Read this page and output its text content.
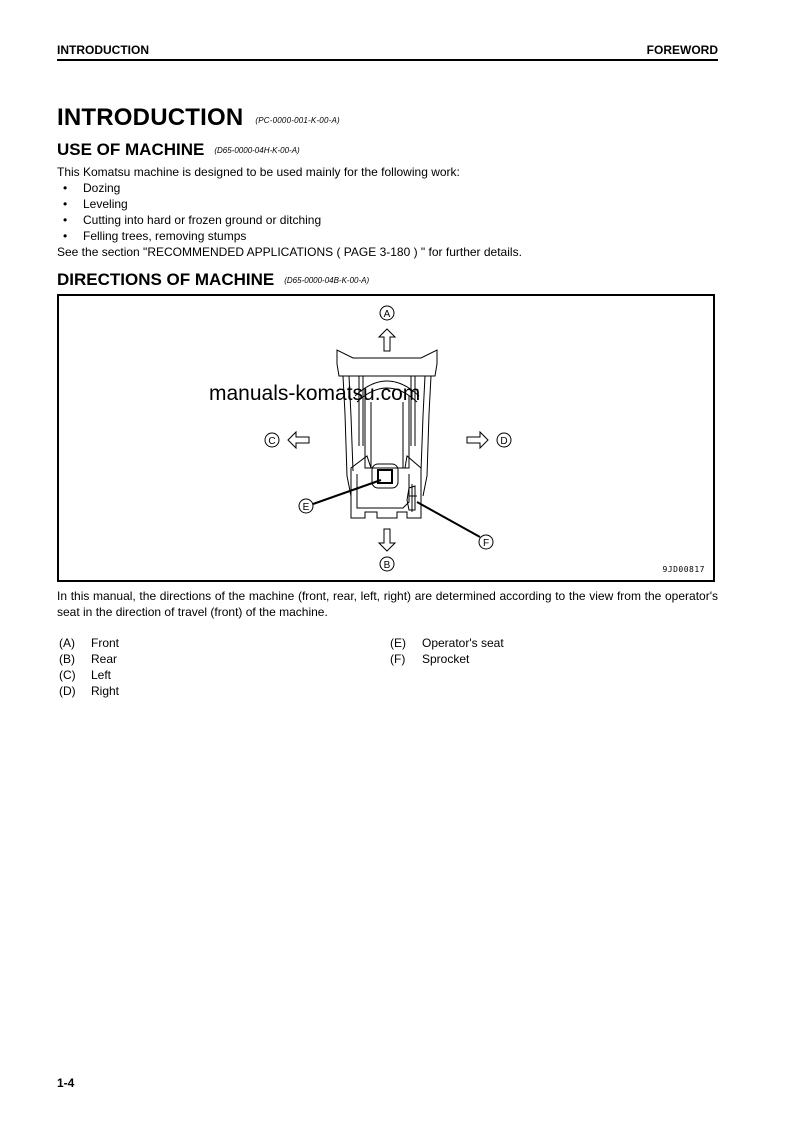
INTRODUCTION	FOREWORD
INTRODUCTION (PC-0000-001-K-00-A)
USE OF MACHINE (D65-0000-04H-K-00-A)
This Komatsu machine is designed to be used mainly for the following work:
• Dozing
• Leveling
• Cutting into hard or frozen ground or ditching
• Felling trees, removing stumps
See the section "RECOMMENDED APPLICATIONS ( PAGE 3-180 ) " for further details.
DIRECTIONS OF MACHINE (D65-0000-04B-K-00-A)
A
C	D
B
E
F
manuals-komatsu.com
9JD00817
In this manual, the directions of the machine (front, rear, left, right) are determined according to the view from the operator's seat in the direction of travel (front) of the machine.
(A)	Front
(B)	Rear
(C)	Left
(D)	Right
(E)	Operator's seat
(F)	Sprocket
1-4
